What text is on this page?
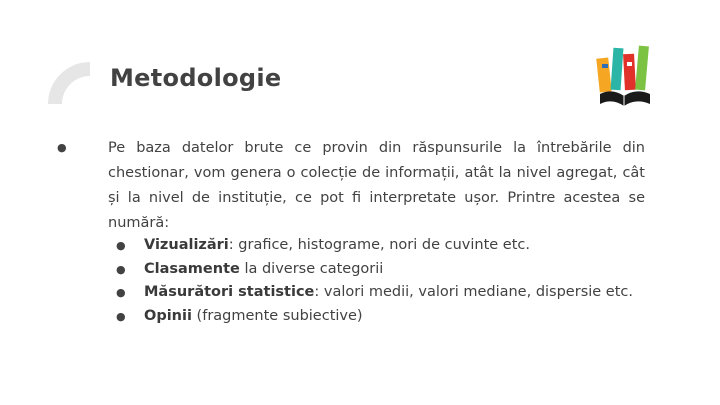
Metodologie
●	Pe baza datelor brute ce provin din răspunsurile la întrebările din chestionar, vom genera o colecție de informații, atât la nivel agregat, cât și la nivel de instituție, ce pot fi interpretate ușor. Printre acestea se numără:
● Vizualizări: grafice, histograme, nori de cuvinte etc.
● Clasamente la diverse categorii
● Măsurători statistice: valori medii, valori mediane, dispersie etc.
● Opinii (fragmente subiective)
